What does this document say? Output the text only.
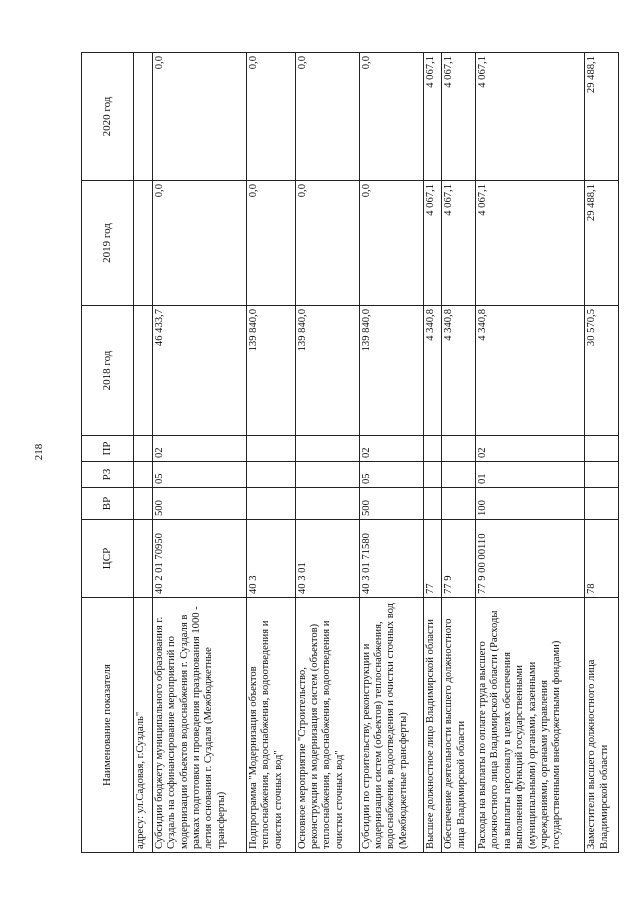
218
Наименование показателя	ЦСР	ВР	РЗ	ПР	2018 год	2019 год	2020 год
адресу: ул.Садовая, г.Суздаль"							
Субсидии бюджету муниципального образования г. Суздаль на софинансирование мероприятий по модернизации объектов водоснабжения г. Суздаля в рамках подготовки и проведения празднования 1000 - летия основания г. Суздаля (Межбюджетные трансферты)	40 2 01 70950	500	05	02	46 433,7	0,0	0,0
Подпрограмма "Модернизация объектов теплоснабжения, водоснабжения, водоотведения и очистки сточных вод"	40 3				139 840,0	0,0	0,0
Основное мероприятие "Строительство, реконструкция и модернизация систем (объектов) теплоснабжения, водоснабжения, водоотведения и очистки сточных вод"	40 3 01				139 840,0	0,0	0,0
Субсидии по строительству, реконструкции и модернизации систем (объектов) теплоснабжения, водоснабжения, водоотведения и очистки сточных вод (Межбюджетные трансферты)	40 3 01 71580	500	05	02	139 840,0	0,0	0,0
Высшее должностное лицо Владимирской области	77				4 340,8	4 067,1	4 067,1
Обеспечение деятельности высшего должностного лица Владимирской области	77 9				4 340,8	4 067,1	4 067,1
Расходы на выплаты по оплате труда высшего должностного лица Владимирской области (Расходы на выплаты персоналу в целях обеспечения выполнения функций государственными (муниципальными) органами, казенными учреждениями, органами управления государственными внебюджетными фондами)	77 9 00 00110	100	01	02	4 340,8	4 067,1	4 067,1
Заместители высшего должностного лица Владимирской области	78				30 570,5	29 488,1	29 488,1
